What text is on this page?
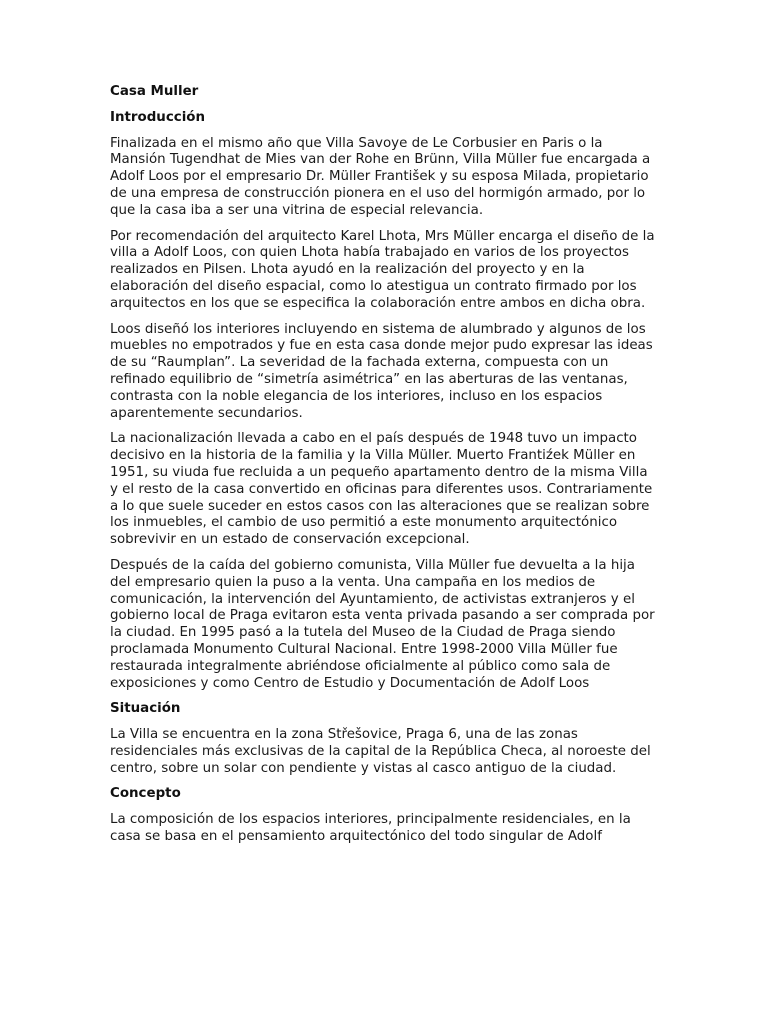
Casa Muller
Introducción

Finalizada en el mismo año que Villa Savoye de Le Corbusier en Paris o la Mansión Tugendhat de Mies van der Rohe en Brünn, Villa Müller fue encargada a Adolf Loos por el empresario Dr. Müller František y su esposa Milada, propietario de una empresa de construcción pionera en el uso del hormigón armado, por lo que la casa iba a ser una vitrina de especial relevancia.

Por recomendación del arquitecto Karel Lhota, Mrs Müller encarga el diseño de la villa a Adolf Loos, con quien Lhota había trabajado en varios de los proyectos realizados en Pilsen. Lhota ayudó en la realización del proyecto y en la elaboración del diseño espacial, como lo atestigua un contrato firmado por los arquitectos en los que se especifica la colaboración entre ambos en dicha obra.

Loos diseñó los interiores incluyendo en sistema de alumbrado y algunos de los muebles no empotrados y fue en esta casa donde mejor pudo expresar las ideas de su “Raumplan”. La severidad de la fachada externa, compuesta con un refinado equilibrio de “simetría asimétrica” en las aberturas de las ventanas, contrasta con la noble elegancia de los interiores, incluso en los espacios aparentemente secundarios.

La nacionalización llevada a cabo en el país después de 1948 tuvo un impacto decisivo en la historia de la familia y la Villa Müller. Muerto Frantiźek Müller en 1951, su viuda fue recluida a un pequeño apartamento dentro de la misma Villa y el resto de la casa convertido en oficinas para diferentes usos. Contrariamente a lo que suele suceder en estos casos con las alteraciones que se realizan sobre los inmuebles, el cambio de uso permitió a este monumento arquitectónico sobrevivir en un estado de conservación excepcional.

Después de la caída del gobierno comunista, Villa Müller fue devuelta a la hija del empresario quien la puso a la venta. Una campaña en los medios de comunicación, la intervención del Ayuntamiento, de activistas extranjeros y el gobierno local de Praga evitaron esta venta privada pasando a ser comprada por la ciudad. En 1995 pasó a la tutela del Museo de la Ciudad de Praga siendo proclamada Monumento Cultural Nacional. Entre 1998-2000 Villa Müller fue restaurada integralmente abriéndose oficialmente al público como sala de exposiciones y como Centro de Estudio y Documentación de Adolf Loos

Situación

La Villa se encuentra en la zona Střešovice, Praga 6, una de las zonas residenciales más exclusivas de la capital de la República Checa, al noroeste del centro, sobre un solar con pendiente y vistas al casco antiguo de la ciudad.

Concepto

La composición de los espacios interiores, principalmente residenciales, en la casa se basa en el pensamiento arquitectónico del todo singular de Adolf
